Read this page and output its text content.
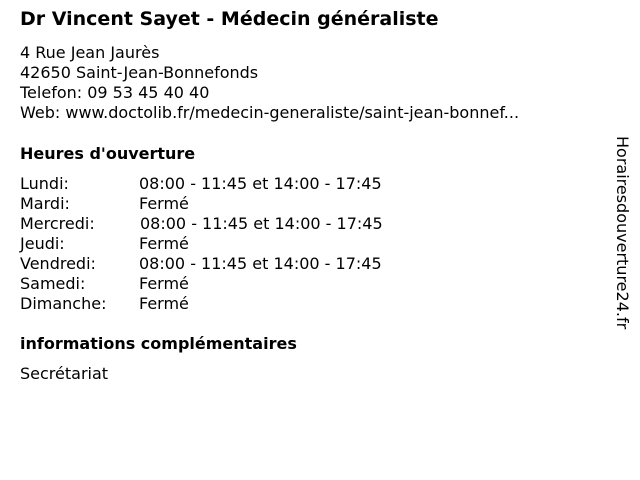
Dr Vincent Sayet - Médecin généraliste
4 Rue Jean Jaurès
42650 Saint-Jean-Bonnefonds
Telefon: 09 53 45 40 40
Web: www.doctolib.fr/medecin-generaliste/saint-jean-bonnef...
Heures d'ouverture
Lundi:	08:00 - 11:45 et 14:00 - 17:45
Mardi:	Fermé
Mercredi:	08:00 - 11:45 et 14:00 - 17:45
Jeudi:	Fermé
Vendredi:	08:00 - 11:45 et 14:00 - 17:45
Samedi:	Fermé
Dimanche:	Fermé
informations complémentaires
Secrétariat
Horairesdouverture24.fr
